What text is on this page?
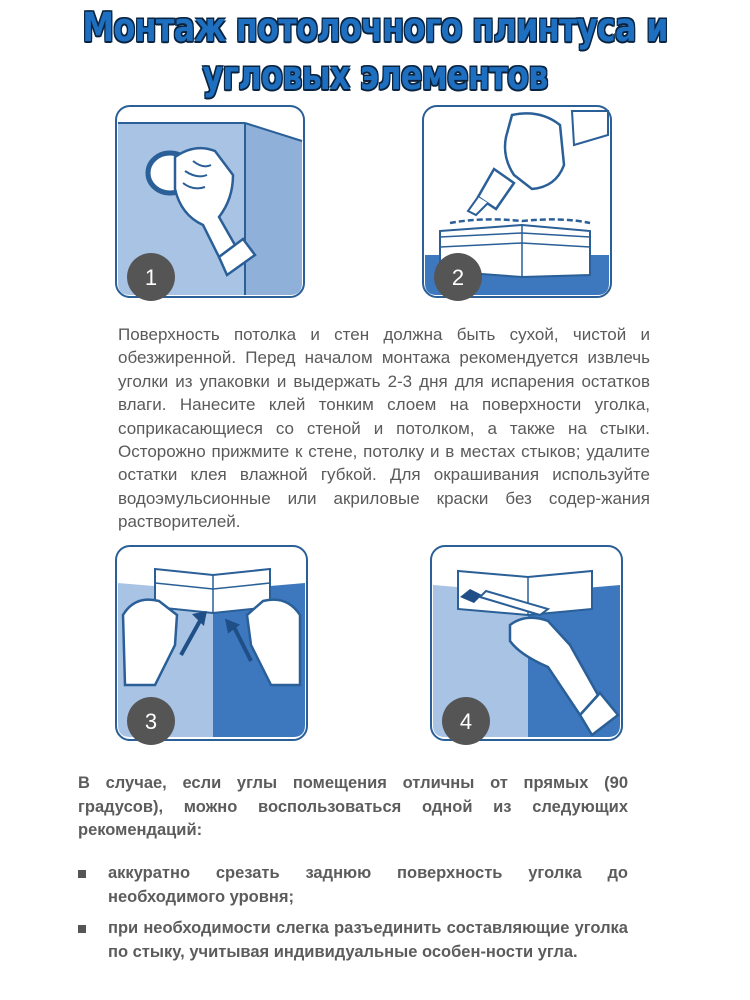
Монтаж потолочного плинтуса и
угловых элементов
1	2

Поверхность потолка и стен должна быть сухой, чистой и обезжиренной. Перед началом монтажа рекомендуется извлечь уголки из упаковки и выдержать 2-3 дня для испарения остатков влаги. Нанесите клей тонким слоем на поверхности уголка, соприкасающиеся со стеной и потолком, а также на стыки. Осторожно прижмите к стене, потолку и в местах стыков; удалите остатки клея влажной губкой. Для окрашивания используйте водоэмульсионные или акриловые краски без содер-жания растворителей.

3	4

В случае, если углы помещения отличны от прямых (90 градусов), можно воспользоваться одной из следующих рекомендаций:

аккуратно срезать заднюю поверхность уголка до необходимого уровня;
при необходимости слегка разъединить составляющие уголка по стыку, учитывая индивидуальные особен-ности угла.
